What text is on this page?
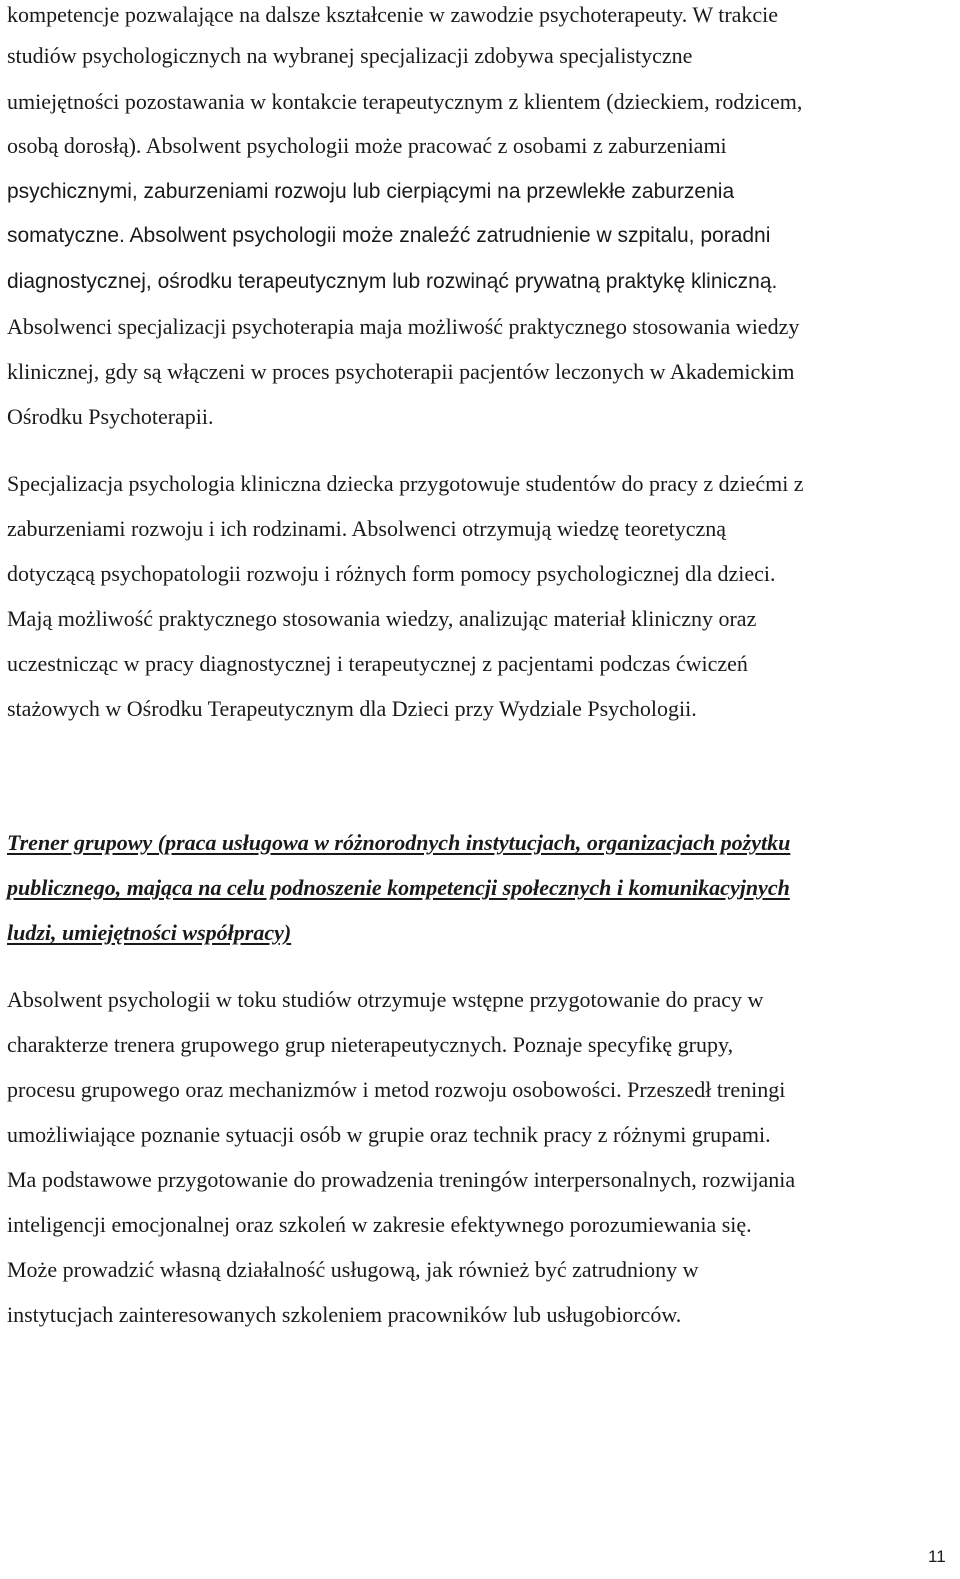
kompetencje pozwalające na dalsze kształcenie w zawodzie psychoterapeuty. W trakcie
studiów psychologicznych na wybranej specjalizacji zdobywa specjalistyczne
umiejętności pozostawania w kontakcie terapeutycznym z klientem (dzieckiem, rodzicem,
osobą dorosłą). Absolwent psychologii może pracować z osobami z zaburzeniami
psychicznymi, zaburzeniami rozwoju lub cierpiącymi na przewlekłe zaburzenia
somatyczne. Absolwent psychologii może znaleźć zatrudnienie w szpitalu, poradni
diagnostycznej, ośrodku terapeutycznym lub rozwinąć prywatną praktykę kliniczną.
Absolwenci specjalizacji psychoterapia maja możliwość praktycznego stosowania wiedzy
klinicznej, gdy są włączeni w proces psychoterapii pacjentów leczonych w Akademickim
Ośrodku Psychoterapii.
Specjalizacja psychologia kliniczna dziecka przygotowuje studentów do pracy z dziećmi z
zaburzeniami rozwoju i ich rodzinami. Absolwenci otrzymują wiedzę teoretyczną
dotyczącą psychopatologii rozwoju i różnych form pomocy psychologicznej dla dzieci.
Mają możliwość praktycznego stosowania wiedzy, analizując materiał kliniczny oraz
uczestnicząc w pracy diagnostycznej i terapeutycznej z pacjentami podczas ćwiczeń
stażowych w Ośrodku Terapeutycznym dla Dzieci przy Wydziale Psychologii.
Trener grupowy (praca usługowa w różnorodnych instytucjach, organizacjach pożytku
publicznego, mająca na celu podnoszenie kompetencji społecznych i komunikacyjnych
ludzi, umiejętności współpracy)
Absolwent psychologii w toku studiów otrzymuje wstępne przygotowanie do pracy w
charakterze trenera grupowego grup nieterapeutycznych. Poznaje specyfikę grupy,
procesu grupowego oraz mechanizmów i metod rozwoju osobowości. Przeszedł treningi
umożliwiające poznanie sytuacji osób w grupie oraz technik pracy z różnymi grupami.
Ma podstawowe przygotowanie do prowadzenia treningów interpersonalnych, rozwijania
inteligencji emocjonalnej oraz szkoleń w zakresie efektywnego porozumiewania się.
Może prowadzić własną działalność usługową, jak również być zatrudniony w
instytucjach zainteresowanych szkoleniem pracowników lub usługobiorców.
11
